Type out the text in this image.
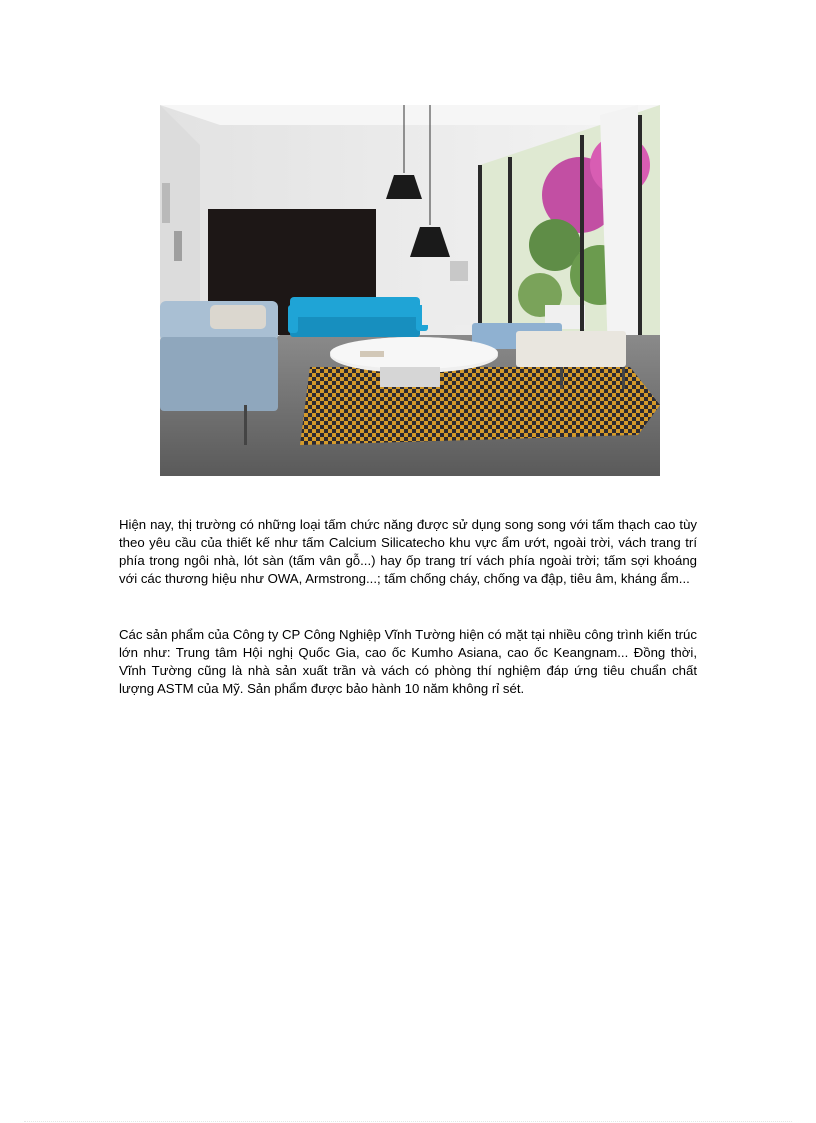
Hiện nay, thị trường có những loại tấm chức năng được sử dụng song song với tấm thạch cao tùy theo yêu cầu của thiết kế như tấm Calcium Silicatecho khu vực ẩm ướt, ngoài trời, vách trang trí phía trong ngôi nhà, lót sàn (tấm vân gỗ...) hay ốp trang trí vách phía ngoài trời; tấm sợi khoáng với các thương hiệu như OWA, Armstrong...; tấm chống cháy, chống va đập, tiêu âm, kháng ẩm...

Các sản phẩm của Công ty CP Công Nghiệp Vĩnh Tường hiện có mặt tại nhiều công trình kiến trúc lớn như: Trung tâm Hội nghị Quốc Gia, cao ốc Kumho Asiana, cao ốc Keangnam... Đồng thời, Vĩnh Tường cũng là nhà sản xuất trần và vách có phòng thí nghiệm đáp ứng tiêu chuẩn chất lượng ASTM của Mỹ. Sản phẩm được bảo hành 10 năm không rỉ sét.
